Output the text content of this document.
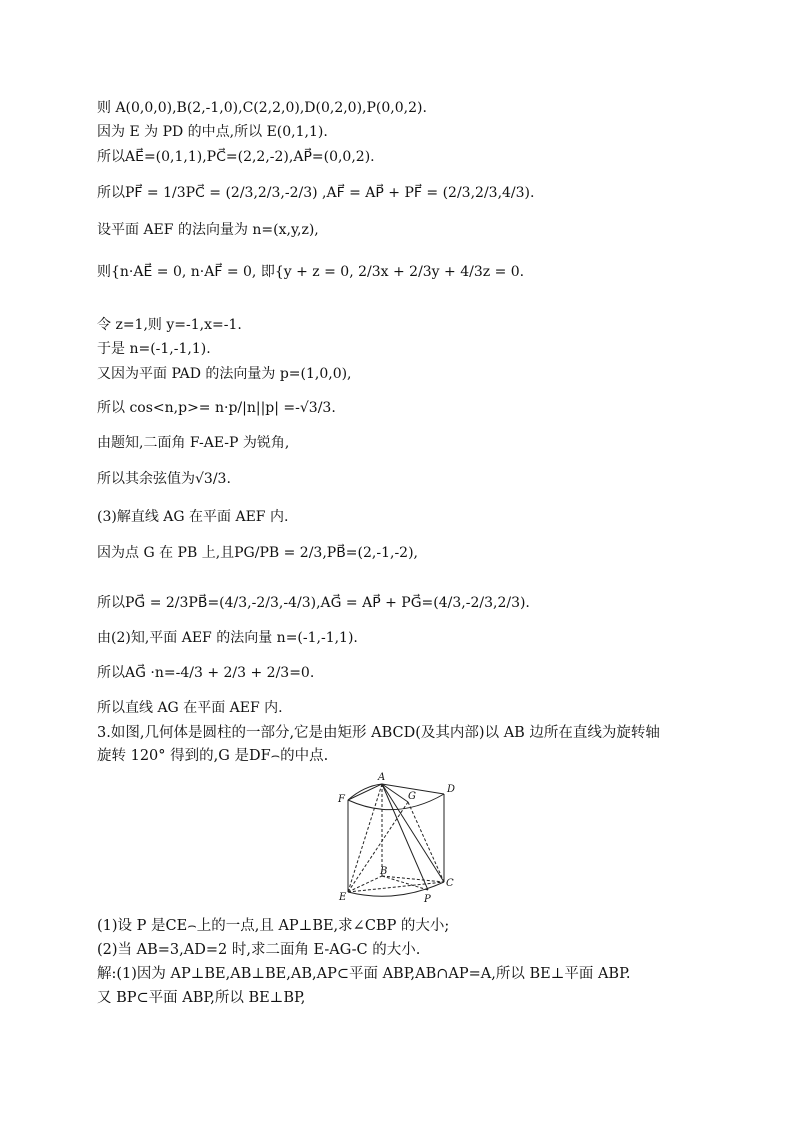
则 A(0,0,0),B(2,-1,0),C(2,2,0),D(0,2,0),P(0,0,2).
因为 E 为 PD 的中点,所以 E(0,1,1).
所以AE⃗=(0,1,1),PC⃗=(2,2,-2),AP⃗=(0,0,2).
所以PF⃗ = 1/3PC⃗ = (2/3,2/3,-2/3) ,AF⃗ = AP⃗ + PF⃗ = (2/3,2/3,4/3).
设平面 AEF 的法向量为 n=(x,y,z),
则{n·AE⃗ = 0, n·AF⃗ = 0, 即{y + z = 0, 2/3x + 2/3y + 4/3z = 0.
令 z=1,则 y=-1,x=-1.
于是 n=(-1,-1,1).
又因为平面 PAD 的法向量为 p=(1,0,0),
所以 cos<n,p>= n·p/|n||p| =-√3/3.
由题知,二面角 F-AE-P 为锐角,
所以其余弦值为√3/3.
(3)解直线 AG 在平面 AEF 内.
因为点 G 在 PB 上,且PG/PB = 2/3,PB⃗=(2,-1,-2),
所以PG⃗ = 2/3PB⃗=(4/3,-2/3,-4/3),AG⃗ = AP⃗ + PG⃗=(4/3,-2/3,2/3).
由(2)知,平面 AEF 的法向量 n=(-1,-1,1).
所以AG⃗ ·n=-4/3 + 2/3 + 2/3=0.
所以直线 AG 在平面 AEF 内.
3.如图,几何体是圆柱的一部分,它是由矩形 ABCD(及其内部)以 AB 边所在直线为旋转轴
旋转 120° 得到的,G 是DF⌢的中点.
A
D
F	G
B
E
C
P
(1)设 P 是CE⌢上的一点,且 AP⊥BE,求∠CBP 的大小;
(2)当 AB=3,AD=2 时,求二面角 E-AG-C 的大小.
解:(1)因为 AP⊥BE,AB⊥BE,AB,AP⊂平面 ABP,AB∩AP=A,所以 BE⊥平面 ABP.
又 BP⊂平面 ABP,所以 BE⊥BP,
